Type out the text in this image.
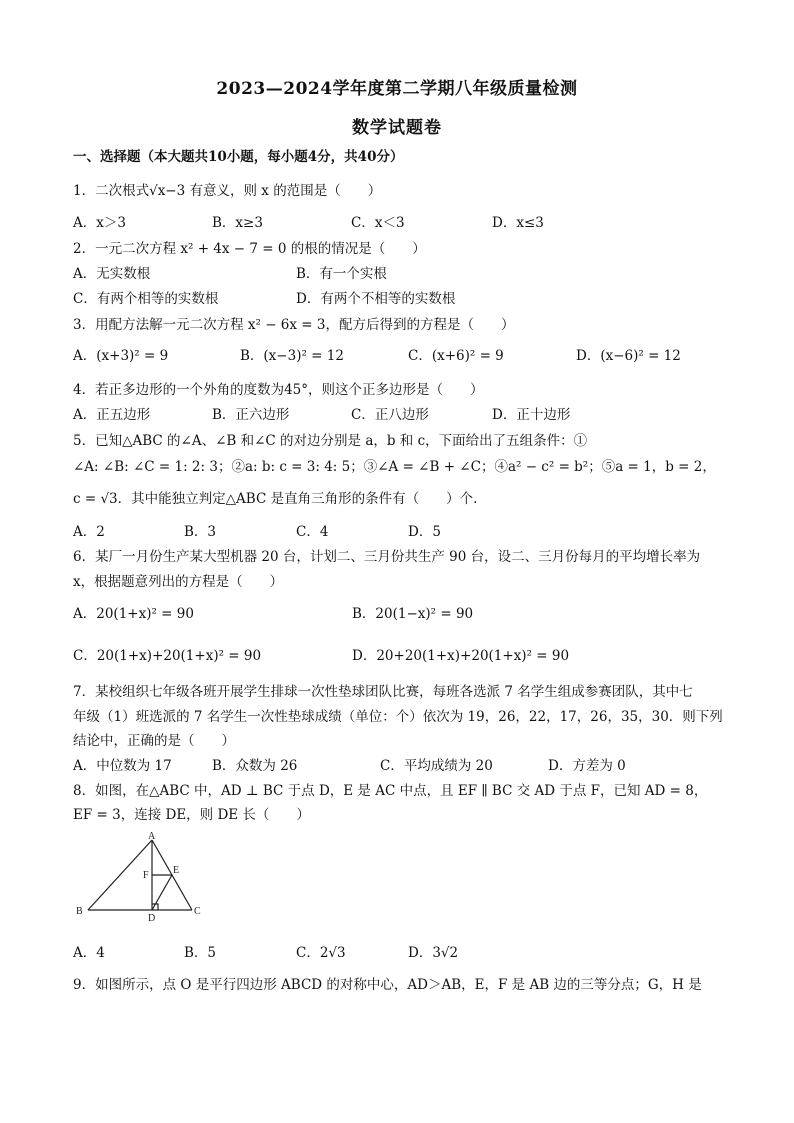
2023—2024学年度第二学期八年级质量检测
数学试题卷
一、选择题（本大题共10小题，每小题4分，共40分）
1．二次根式√x−3 有意义，则 x 的范围是（　　）
A．x＞3	B．x≥3	C．x＜3	D．x≤3
2．一元二次方程 x² + 4x − 7 = 0 的根的情况是（　　）
A．无实数根	B．有一个实根
C．有两个相等的实数根	D．有两个不相等的实数根
3．用配方法解一元二次方程 x² − 6x = 3，配方后得到的方程是（　　）
A．(x+3)² = 9	B．(x−3)² = 12	C．(x+6)² = 9	D．(x−6)² = 12
4．若正多边形的一个外角的度数为45°，则这个正多边形是（　　）
A．正五边形	B．正六边形	C．正八边形	D．正十边形
5．已知△ABC 的∠A、∠B 和∠C 的对边分别是 a，b 和 c，下面给出了五组条件：①
∠A: ∠B: ∠C = 1: 2: 3；②a: b: c = 3: 4: 5；③∠A = ∠B + ∠C；④a² − c² = b²；⑤a = 1，b = 2，
c = √3．其中能独立判定△ABC 是直角三角形的条件有（　　）个.
A．2	B．3	C．4	D．5
6．某厂一月份生产某大型机器 20 台，计划二、三月份共生产 90 台，设二、三月份每月的平均增长率为
x，根据题意列出的方程是（　　）
A．20(1+x)² = 90	B．20(1−x)² = 90
C．20(1+x)+20(1+x)² = 90	D．20+20(1+x)+20(1+x)² = 90
7．某校组织七年级各班开展学生排球一次性垫球团队比赛，每班各选派 7 名学生组成参赛团队，其中七
年级（1）班选派的 7 名学生一次性垫球成绩（单位：个）依次为 19，26，22，17，26，35，30．则下列
结论中，正确的是（　　）
A．中位数为 17	B．众数为 26	C．平均成绩为 20	D．方差为 0
8．如图，在△ABC 中，AD ⊥ BC 于点 D，E 是 AC 中点，且 EF ∥ BC 交 AD 于点 F，已知 AD = 8，
EF = 3，连接 DE，则 DE 长（　　）
A
B	C
D
E
F
A．4	B．5	C．2√3	D．3√2
9．如图所示，点 O 是平行四边形 ABCD 的对称中心，AD＞AB，E，F 是 AB 边的三等分点；G，H 是
